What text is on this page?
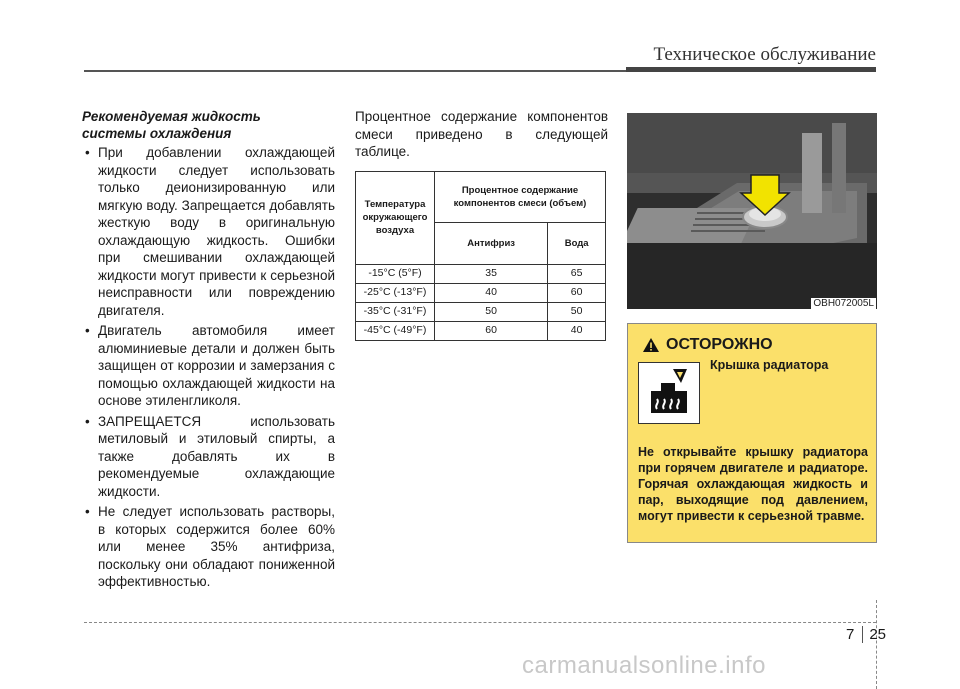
Техническое обслуживание
Рекомендуемая жидкость
системы охлаждения
• При добавлении охлаждающей жидкости следует использовать только деионизированную или мягкую воду. Запрещается добавлять жесткую воду в оригинальную охлаждающую жидкость. Ошибки при смешивании охлаждающей жидкости могут привести к серьезной неисправности или повреждению двигателя.
• Двигатель автомобиля имеет алюминиевые детали и должен быть защищен от коррозии и замерзания с помощью охлаждающей жидкости на основе этиленгликоля.
• ЗАПРЕЩАЕТСЯ использовать метиловый и этиловый спирты, а также добавлять их в рекомендуемые охлаждающие жидкости.
• Не следует использовать растворы, в которых содержится более 60% или менее 35% антифриза, поскольку они обладают пониженной эффективностью.

Процентное содержание компонентов смеси приведено в следующей таблице.

Температура окружающего воздуха	Процентное содержание компонентов смеси (объем)	
	Антифриз	Вода
-15°C (5°F)	35	65
-25°C (-13°F)	40	60
-35°C (-31°F)	50	50
-45°C (-49°F)	60	40
OBH072005L
ОСТОРОЖНО
Крышка радиатора
Не открывайте крышку радиатора при горячем двигателе и радиаторе. Горячая охлаждающая жидкость и пар, выходящие под давлением, могут привести к серьезной травме.
7	25
carmanualsonline.info
